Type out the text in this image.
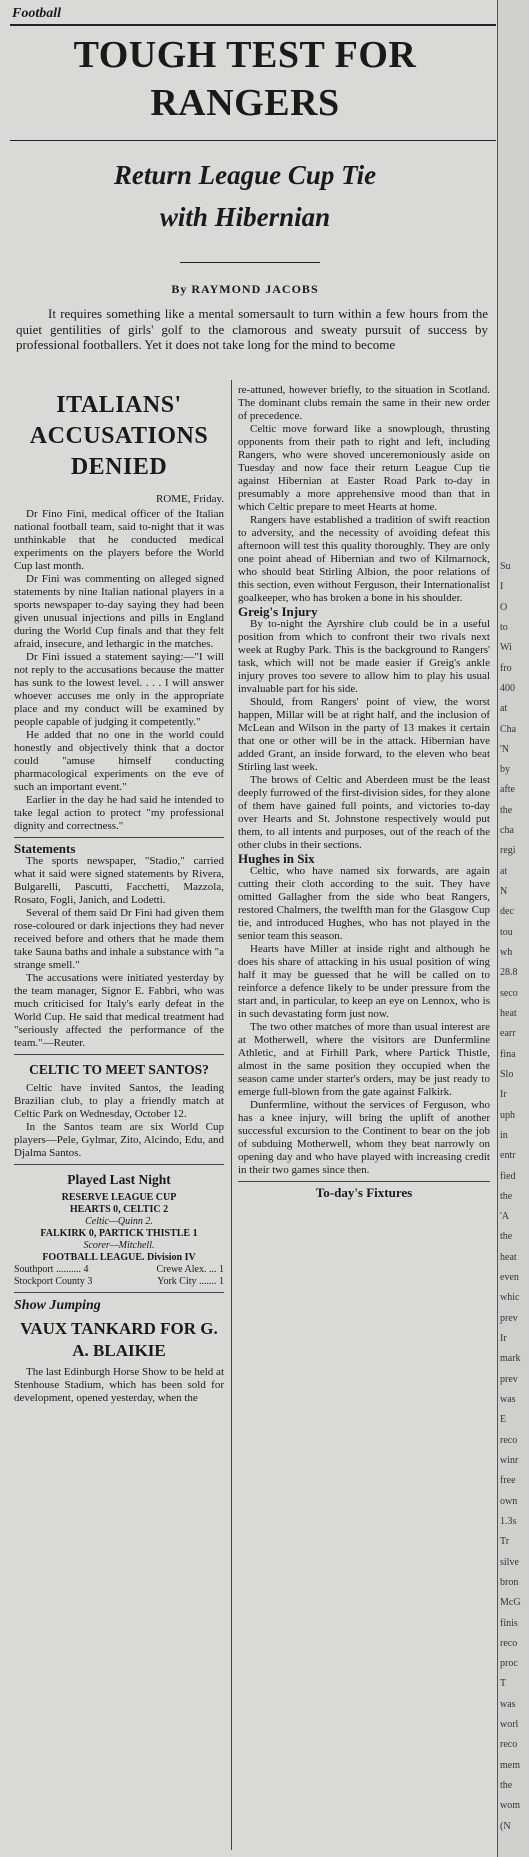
Football
TOUGH TEST FOR
RANGERS
Return League Cup Tie
with Hibernian
By RAYMOND JACOBS
It requires something like a mental somersault to turn within a few hours from the quiet gentilities of girls' golf to the clamorous and sweaty pursuit of success by professional footballers. Yet it does not take long for the mind to become
ITALIANS' ACCUSATIONS DENIED
ROME, Friday.

Dr Fino Fini, medical officer of the Italian national football team, said to-night that it was unthinkable that he conducted medical experiments on the players before the World Cup last month.

Dr Fini was commenting on alleged signed statements by nine Italian national players in a sports newspaper to-day saying they had been given unusual injections and pills in England during the World Cup finals and that they felt afraid, insecure, and lethargic in the matches.

Dr Fini issued a statement saying:—"I will not reply to the accusations because the matter has sunk to the lowest level. . . . I will answer whoever accuses me only in the appropriate place and my conduct will be examined by people capable of judging it competently."

He added that no one in the world could honestly and objectively think that a doctor could "amuse himself conducting pharmacological experiments on the eve of such an important event."

Earlier in the day he had said he intended to take legal action to protect "my professional dignity and correctness."

Statements

The sports newspaper, "Stadio," carried what it said were signed statements by Rivera, Bulgarelli, Pascutti, Facchetti, Mazzola, Rosato, Fogli, Janich, and Lodetti.

Several of them said Dr Fini had given them rose-coloured or dark injections they had never received before and others that he made them take Sauna baths and inhale a substance with "a strange smell."

The accusations were initiated yesterday by the team manager, Signor E. Fabbri, who was much criticised for Italy's early defeat in the World Cup. He said that medical treatment had "seriously affected the performance of the team."—Reuter.

CELTIC TO MEET SANTOS?

Celtic have invited Santos, the leading Brazilian club, to play a friendly match at Celtic Park on Wednesday, October 12.

In the Santos team are six World Cup players—Pele, Gylmar, Zito, Alcindo, Edu, and Djalma Santos.

Played Last Night
RESERVE LEAGUE CUP
HEARTS 0, CELTIC 2
Celtic—Quinn 2.
FALKIRK 0, PARTICK THISTLE 1
Scorer—Mitchell.
FOOTBALL LEAGUE. Division IV
Southport .......... 4	Crewe Alex. ... 1
Stockport County 3	York City ....... 1
Show Jumping
VAUX TANKARD FOR G. A. BLAIKIE

The last Edinburgh Horse Show to be held at Stenhouse Stadium, which has been sold for development, opened yesterday, when the

re-attuned, however briefly, to the situation in Scotland. The dominant clubs remain the same in their new order of precedence.

Celtic move forward like a snowplough, thrusting opponents from their path to right and left, including Rangers, who were shoved unceremoniously aside on Tuesday and now face their return League Cup tie against Hibernian at Easter Road Park to-day in presumably a more apprehensive mood than that in which Celtic prepare to meet Hearts at home.

Rangers have established a tradition of swift reaction to adversity, and the necessity of avoiding defeat this afternoon will test this quality thoroughly. They are only one point ahead of Hibernian and two of Kilmarnock, who should beat Stirling Albion, the poor relations of this section, even without Ferguson, their Internationalist goalkeeper, who has broken a bone in his shoulder.

Greig's Injury

By to-night the Ayrshire club could be in a useful position from which to confront their two rivals next week at Rugby Park. This is the background to Rangers' task, which will not be made easier if Greig's ankle injury proves too severe to allow him to play his usual invaluable part for his side.

Should, from Rangers' point of view, the worst happen, Millar will be at right half, and the inclusion of McLean and Wilson in the party of 13 makes it certain that one or other will be in the attack. Hibernian have added Grant, an inside forward, to the eleven who beat Stirling last week.

The brows of Celtic and Aberdeen must be the least deeply furrowed of the first-division sides, for they alone of them have gained full points, and victories to-day over Hearts and St. Johnstone respectively would put them, to all intents and purposes, out of the reach of the other clubs in their sections.

Hughes in Six

Celtic, who have named six forwards, are again cutting their cloth according to the suit. They have omitted Gallagher from the side who beat Rangers, restored Chalmers, the twelfth man for the Glasgow Cup tie, and introduced Hughes, who has not played in the senior team this season.

Hearts have Miller at inside right and although he does his share of attacking in his usual position of wing half it may be guessed that he will be called on to reinforce a defence likely to be under pressure from the start and, in particular, to keep an eye on Lennox, who is in such devastating form just now.

The two other matches of more than usual interest are at Motherwell, where the visitors are Dunfermline Athletic, and at Firhill Park, where Partick Thistle, almost in the same position they occupied when the season came under starter's orders, may be just ready to emerge full-blown from the gate against Falkirk.

Dunfermline, without the services of Ferguson, who has a knee injury, will bring the uplift of another successful excursion to the Continent to bear on the job of subduing Motherwell, whom they beat narrowly on opening day and who have played with increasing credit in their two games since then.

To-day's Fixtures

Su
I
O
to
Wi
fro
400
at
Cha
'N
by
afte
the
cha
regi
at
N
dec
tou
wh
28.8
seco
heat
earr
fina
Slo
Ir
uph
in
entr
fied
the
'A
the
heat
even
whic
prev
Ir
mark
prev
was
E
reco
winr
free
own
1.3s
Tr
silve
bron
McG
finis
reco
proc
T
was
worl
reco
mem
the
wom
(N
